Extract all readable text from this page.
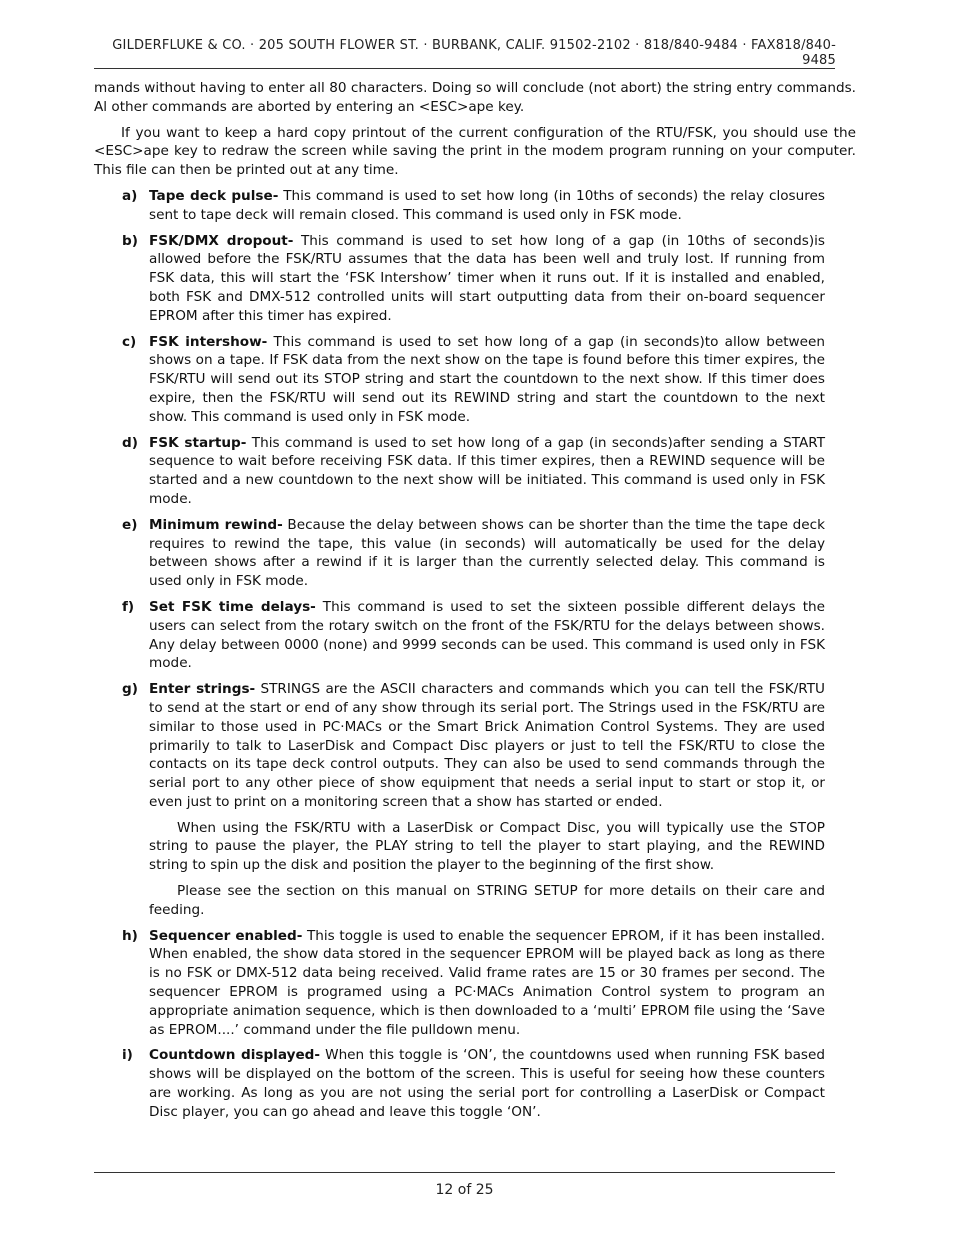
GILDERFLUKE & CO. · 205 SOUTH FLOWER ST. · BURBANK, CALIF. 91502-2102 · 818/840-9484 · FAX818/840-9485

mands without having to enter all 80 characters. Doing so will conclude (not abort) the string entry commands. Al other commands are aborted by entering an <ESC>ape key.

If you want to keep a hard copy printout of the current configuration of the RTU/FSK, you should use the <ESC>ape key to redraw the screen while saving the print in the modem program running on your computer. This file can then be printed out at any time.

a) Tape deck pulse- This command is used to set how long (in 10ths of seconds) the relay closures sent to tape deck will remain closed. This command is used only in FSK mode.
b) FSK/DMX dropout- This command is used to set how long of a gap (in 10ths of seconds)is allowed before the FSK/RTU assumes that the data has been well and truly lost. If running from FSK data, this will start the ‘FSK Intershow’ timer when it runs out. If it is installed and enabled, both FSK and DMX-512 controlled units will start outputting data from their on-board sequencer EPROM after this timer has expired.
c) FSK intershow- This command is used to set how long of a gap (in seconds)to allow between shows on a tape. If FSK data from the next show on the tape is found before this timer expires, the FSK/RTU will send out its STOP string and start the countdown to the next show. If this timer does expire, then the FSK/RTU will send out its REWIND string and start the countdown to the next show. This command is used only in FSK mode.
d) FSK startup- This command is used to set how long of a gap (in seconds)after sending a START sequence to wait before receiving FSK data. If this timer expires, then a REWIND sequence will be started and a new countdown to the next show will be initiated. This command is used only in FSK mode.
e) Minimum rewind- Because the delay between shows can be shorter than the time the tape deck requires to rewind the tape, this value (in seconds) will automatically be used for the delay between shows after a rewind if it is larger than the currently selected delay. This command is used only in FSK mode.
f) Set FSK time delays- This command is used to set the sixteen possible different delays the users can select from the rotary switch on the front of the FSK/RTU for the delays between shows. Any delay between 0000 (none) and 9999 seconds can be used. This command is used only in FSK mode.
g) Enter strings- STRINGS are the ASCII characters and commands which you can tell the FSK/RTU to send at the start or end of any show through its serial port. The Strings used in the FSK/RTU are similar to those used in PC·MACs or the Smart Brick Animation Control Systems. They are used primarily to talk to LaserDisk and Compact Disc players or just to tell the FSK/RTU to close the contacts on its tape deck control outputs. They can also be used to send commands through the serial port to any other piece of show equipment that needs a serial input to start or stop it, or even just to print on a monitoring screen that a show has started or ended.
When using the FSK/RTU with a LaserDisk or Compact Disc, you will typically use the STOP string to pause the player, the PLAY string to tell the player to start playing, and the REWIND string to spin up the disk and position the player to the beginning of the first show.
Please see the section on this manual on STRING SETUP for more details on their care and feeding.
h) Sequencer enabled- This toggle is used to enable the sequencer EPROM, if it has been installed. When enabled, the show data stored in the sequencer EPROM will be played back as long as there is no FSK or DMX-512 data being received. Valid frame rates are 15 or 30 frames per second. The sequencer EPROM is programed using a PC·MACs Animation Control system to program an appropriate animation sequence, which is then downloaded to a ‘multi’ EPROM file using the ‘Save as EPROM....’ command under the file pulldown menu.
i) Countdown displayed- When this toggle is ‘ON’, the countdowns used when running FSK based shows will be displayed on the bottom of the screen. This is useful for seeing how these counters are working. As long as you are not using the serial port for controlling a LaserDisk or Compact Disc player, you can go ahead and leave this toggle ‘ON’.
12 of 25
